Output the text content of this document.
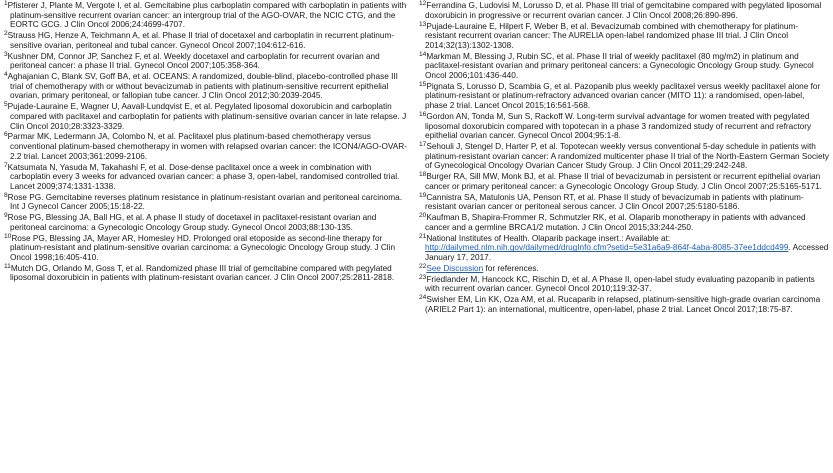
$^1$Pfisterer J, Plante M, Vergote I, et al. Gemcitabine plus carboplatin compared with carboplatin in patients with platinum-sensitive recurrent ovarian cancer: an intergroup trial of the AGO-OVAR, the NCIC CTG, and the EORTC GCG. J Clin Oncol 2006;24:4699-4707.

$^2$Strauss HG, Henze A, Teichmann A, et al. Phase II trial of docetaxel and carboplatin in recurrent platinum-sensitive ovarian, peritoneal and tubal cancer. Gynecol Oncol 2007;104:612-616.

$^3$Kushner DM, Connor JP, Sanchez F, et al. Weekly docetaxel and carboplatin for recurrent ovarian and peritoneal cancer: a phase II trial. Gynecol Oncol 2007;105:358-364.

$^4$Aghajanian C, Blank SV, Goff BA, et al. OCEANS: A randomized, double-blind, placebo-controlled phase III trial of chemotherapy with or without bevacizumab in patients with platinum-sensitive recurrent epithelial ovarian, primary peritoneal, or fallopian tube cancer. J Clin Oncol 2012;30:2039-2045.

$^5$Pujade-Lauraine E, Wagner U, Aavall-Lundqvist E, et al. Pegylated liposomal doxorubicin and carboplatin compared with paclitaxel and carboplatin for patients with platinum-sensitive ovarian cancer in late relapse. J Clin Oncol 2010;28:3323-3329.

$^6$Parmar MK, Ledermann JA, Colombo N, et al. Paclitaxel plus platinum-based chemotherapy versus conventional platinum-based chemotherapy in women with relapsed ovarian cancer: the ICON4/AGO-OVAR-2.2 trial. Lancet 2003;361:2099-2106.

$^7$Katsumata N, Yasuda M, Takahashi F, et al. Dose-dense paclitaxel once a week in combination with carboplatin every 3 weeks for advanced ovarian cancer: a phase 3, open-label, randomised controlled trial. Lancet 2009;374:1331-1338.

$^8$Rose PG. Gemcitabine reverses platinum resistance in platinum-resistant ovarian and peritoneal carcinoma. Int J Gynecol Cancer 2005;15:18-22.

$^9$Rose PG, Blessing JA, Ball HG, et al. A phase II study of docetaxel in paclitaxel-resistant ovarian and peritoneal carcinoma: a Gynecologic Oncology Group study. Gynecol Oncol 2003;88:130-135.

$^{10}$Rose PG, Blessing JA, Mayer AR, Homesley HD. Prolonged oral etoposide as second-line therapy for platinum-resistant and platinum-sensitive ovarian carcinoma: a Gynecologic Oncology Group study. J Clin Oncol 1998;16:405-410.

$^{11}$Mutch DG, Orlando M, Goss T, et al. Randomized phase III trial of gemcitabine compared with pegylated liposomal doxorubicin in patients with platinum-resistant ovarian cancer. J Clin Oncol 2007;25:2811-2818.

$^{12}$Ferrandina G, Ludovisi M, Lorusso D, et al. Phase III trial of gemcitabine compared with pegylated liposomal doxorubicin in progressive or recurrent ovarian cancer. J Clin Oncol 2008;26:890-896.

$^{13}$Pujade-Lauraine E, Hilpert F, Weber B, et al. Bevacizumab combined with chemotherapy for platinum-resistant recurrent ovarian cancer: The AURELIA open-label randomized phase III trial. J Clin Oncol 2014;32(13):1302-1308.

$^{14}$Markman M, Blessing J, Rubin SC, et al. Phase II trial of weekly paclitaxel (80 mg/m2) in platinum and paclitaxel-resistant ovarian and primary peritoneal cancers: a Gynecologic Oncology Group study. Gynecol Oncol 2006;101:436-440.

$^{15}$Pignata S, Lorusso D, Scambia G, et al. Pazopanib plus weekly paclitaxel versus weekly paclitaxel alone for platinum-resistant or platinum-refractory advanced ovarian cancer (MITO 11): a randomised, open-label, phase 2 trial. Lancet Oncol 2015;16:561-568.

$^{16}$Gordon AN, Tonda M, Sun S, Rackoff W. Long-term survival advantage for women treated with pegylated liposomal doxorubicin compared with topotecan in a phase 3 randomized study of recurrent and refractory epithelial ovarian cancer. Gynecol Oncol 2004;95:1-8.

$^{17}$Sehouli J, Stengel D, Harter P, et al. Topotecan weekly versus conventional 5-day schedule in patients with platinum-resistant ovarian cancer: A randomized multicenter phase II trial of the North-Eastern German Society of Gynecological Oncology Ovarian Cancer Study Group. J Clin Oncol 2011;29:242-248.

$^{18}$Burger RA, Sill MW, Monk BJ, et al. Phase II trial of bevacizumab in persistent or recurrent epithelial ovarian cancer or primary peritoneal cancer: a Gynecologic Oncology Group Study. J Clin Oncol 2007;25:5165-5171.

$^{19}$Cannistra SA, Matulonis UA, Penson RT, et al. Phase II study of bevacizumab in patients with platinum-resistant ovarian cancer or peritoneal serous cancer. J Clin Oncol 2007;25:5180-5186.

$^{20}$Kaufman B, Shapira-Frommer R, Schmutzler RK, et al. Olaparib monotherapy in patients with advanced cancer and a germline BRCA1/2 mutation. J Clin Oncol 2015;33:244-250.

$^{21}$National Institutes of Health. Olaparib package insert.: Available at: http://dailymed.nlm.nih.gov/dailymed/drugInfo.cfm?setid=5e31a6a9-864f-4aba-8085-37ee1ddcd499. Accessed January 17, 2017.

$^{22}$See Discussion for references.

$^{23}$Friedlander M, Hancock KC, Rischin D, et al. A Phase II, open-label study evaluating pazopanib in patients with recurrent ovarian cancer. Gynecol Oncol 2010;119:32-37.

$^{24}$Swisher EM, Lin KK, Oza AM, et al. Rucaparib in relapsed, platinum-sensitive high-grade ovarian carcinoma (ARIEL2 Part 1): an international, multicentre, open-label, phase 2 trial. Lancet Oncol 2017;18:75-87.
